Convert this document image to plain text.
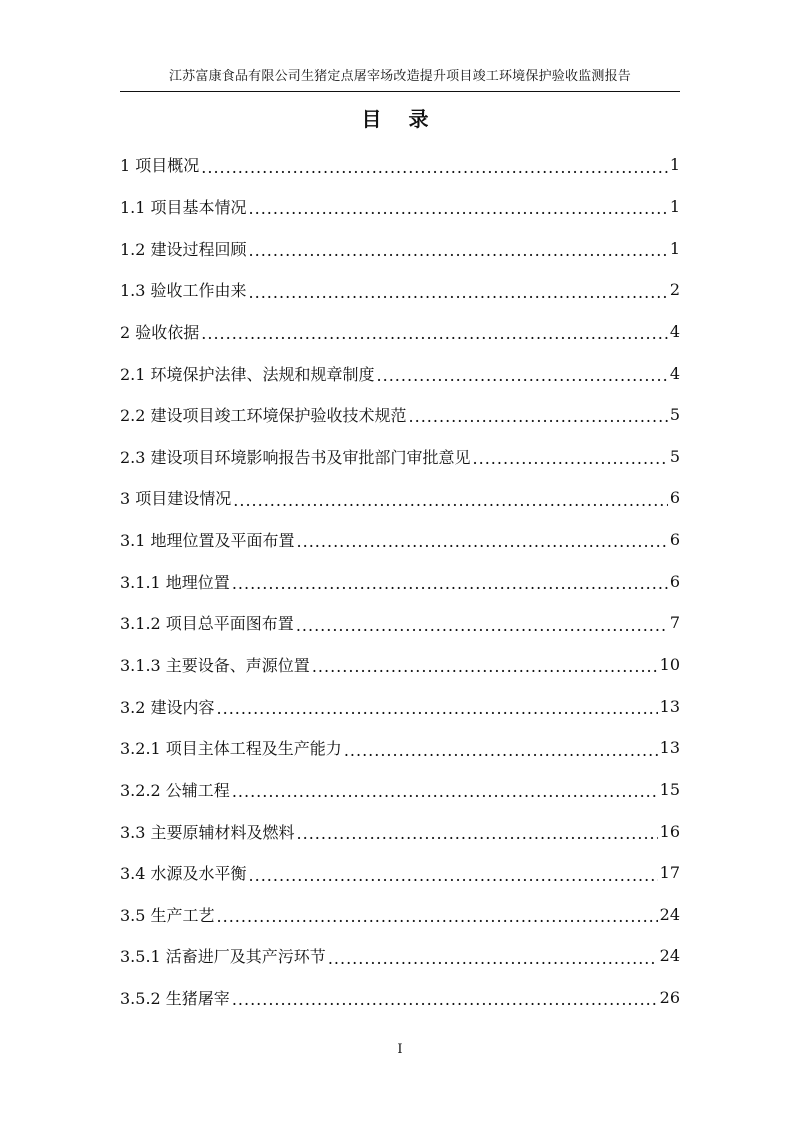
江苏富康食品有限公司生猪定点屠宰场改造提升项目竣工环境保护验收监测报告
目 录
1 项目概况 .....	1
1.1 项目基本情况 .....	1
1.2 建设过程回顾 .....	1
1.3 验收工作由来 .....	2
2 验收依据 .....	4
2.1 环境保护法律、法规和规章制度 .....	4
2.2 建设项目竣工环境保护验收技术规范 .....	5
2.3 建设项目环境影响报告书及审批部门审批意见 .....	5
3 项目建设情况 .....	6
3.1 地理位置及平面布置 .....	6
3.1.1 地理位置 .....	6
3.1.2 项目总平面图布置 .....	7
3.1.3 主要设备、声源位置 .....	10
3.2 建设内容 .....	13
3.2.1 项目主体工程及生产能力 .....	13
3.2.2 公辅工程 .....	15
3.3 主要原辅材料及燃料 .....	16
3.4 水源及水平衡 .....	17
3.5 生产工艺 .....	24
3.5.1 活畜进厂及其产污环节 .....	24
3.5.2 生猪屠宰 .....	26
I
